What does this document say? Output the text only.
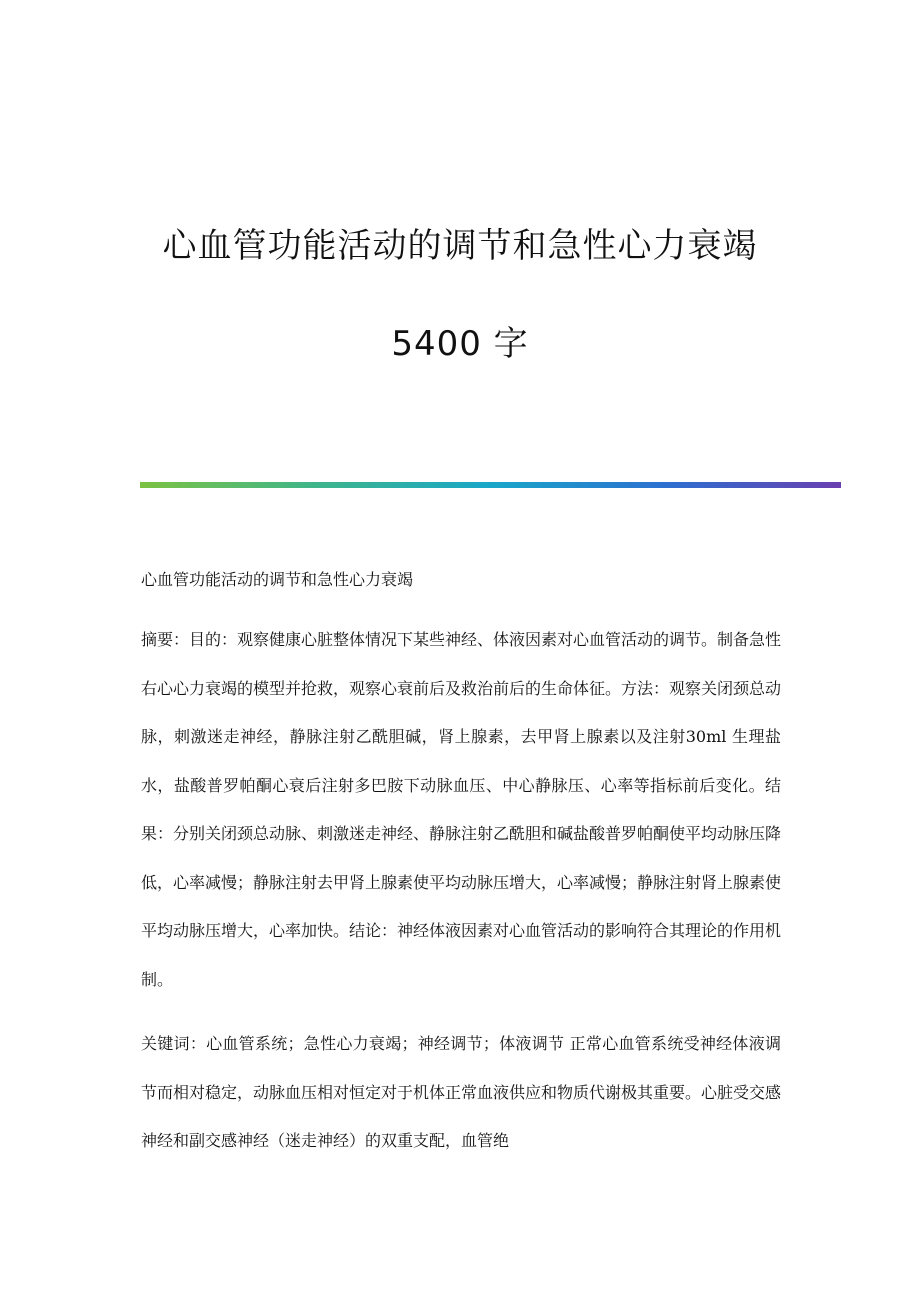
心血管功能活动的调节和急性心力衰竭
5400 字

心血管功能活动的调节和急性心力衰竭

摘要：目的：观察健康心脏整体情况下某些神经、体液因素对心血管活动的调节。制备急性右心心力衰竭的模型并抢救，观察心衰前后及救治前后的生命体征。方法：观察关闭颈总动脉，刺激迷走神经，静脉注射乙酰胆碱，肾上腺素，去甲肾上腺素以及注射30ml 生理盐水，盐酸普罗帕酮心衰后注射多巴胺下动脉血压、中心静脉压、心率等指标前后变化。结果：分别关闭颈总动脉、刺激迷走神经、静脉注射乙酰胆和碱盐酸普罗帕酮使平均动脉压降低，心率减慢；静脉注射去甲肾上腺素使平均动脉压增大，心率减慢；静脉注射肾上腺素使平均动脉压增大，心率加快。结论：神经体液因素对心血管活动的影响符合其理论的作用机制。

关键词：心血管系统；急性心力衰竭；神经调节；体液调节 正常心血管系统受神经体液调节而相对稳定，动脉血压相对恒定对于机体正常血液供应和物质代谢极其重要。心脏受交感神经和副交感神经（迷走神经）的双重支配，血管绝
